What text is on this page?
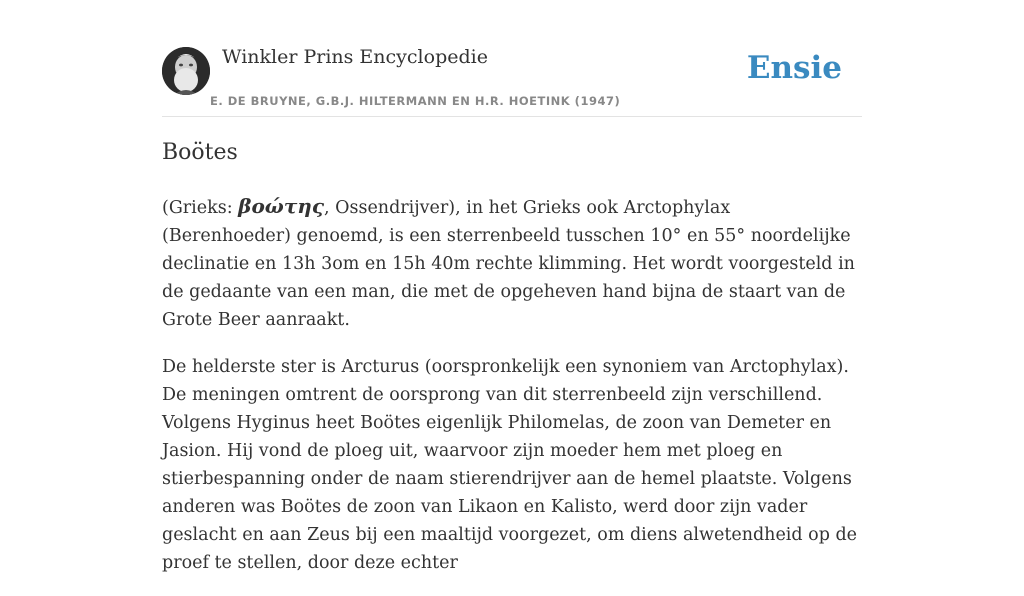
Winkler Prins Encyclopedie
E. DE BRUYNE, G.B.J. HILTERMANN EN H.R. HOETINK (1947)
Ensie
Boötes

(Grieks: βοώτης, Ossendrijver), in het Grieks ook Arctophylax (Berenhoeder) genoemd, is een sterrenbeeld tusschen 10° en 55° noordelijke declinatie en 13h 3om en 15h 40m rechte klimming. Het wordt voorgesteld in de gedaante van een man, die met de opgeheven hand bijna de staart van de Grote Beer aanraakt.

De helderste ster is Arcturus (oorspronkelijk een synoniem van Arctophylax). De meningen omtrent de oorsprong van dit sterrenbeeld zijn verschillend. Volgens Hyginus heet Boötes eigenlijk Philomelas, de zoon van Demeter en Jasion. Hij vond de ploeg uit, waarvoor zijn moeder hem met ploeg en stierbespanning onder de naam stierendrijver aan de hemel plaatste. Volgens anderen was Boötes de zoon van Likaon en Kalisto, werd door zijn vader geslacht en aan Zeus bij een maaltijd voorgezet, om diens alwetendheid op de proef te stellen, door deze echter
